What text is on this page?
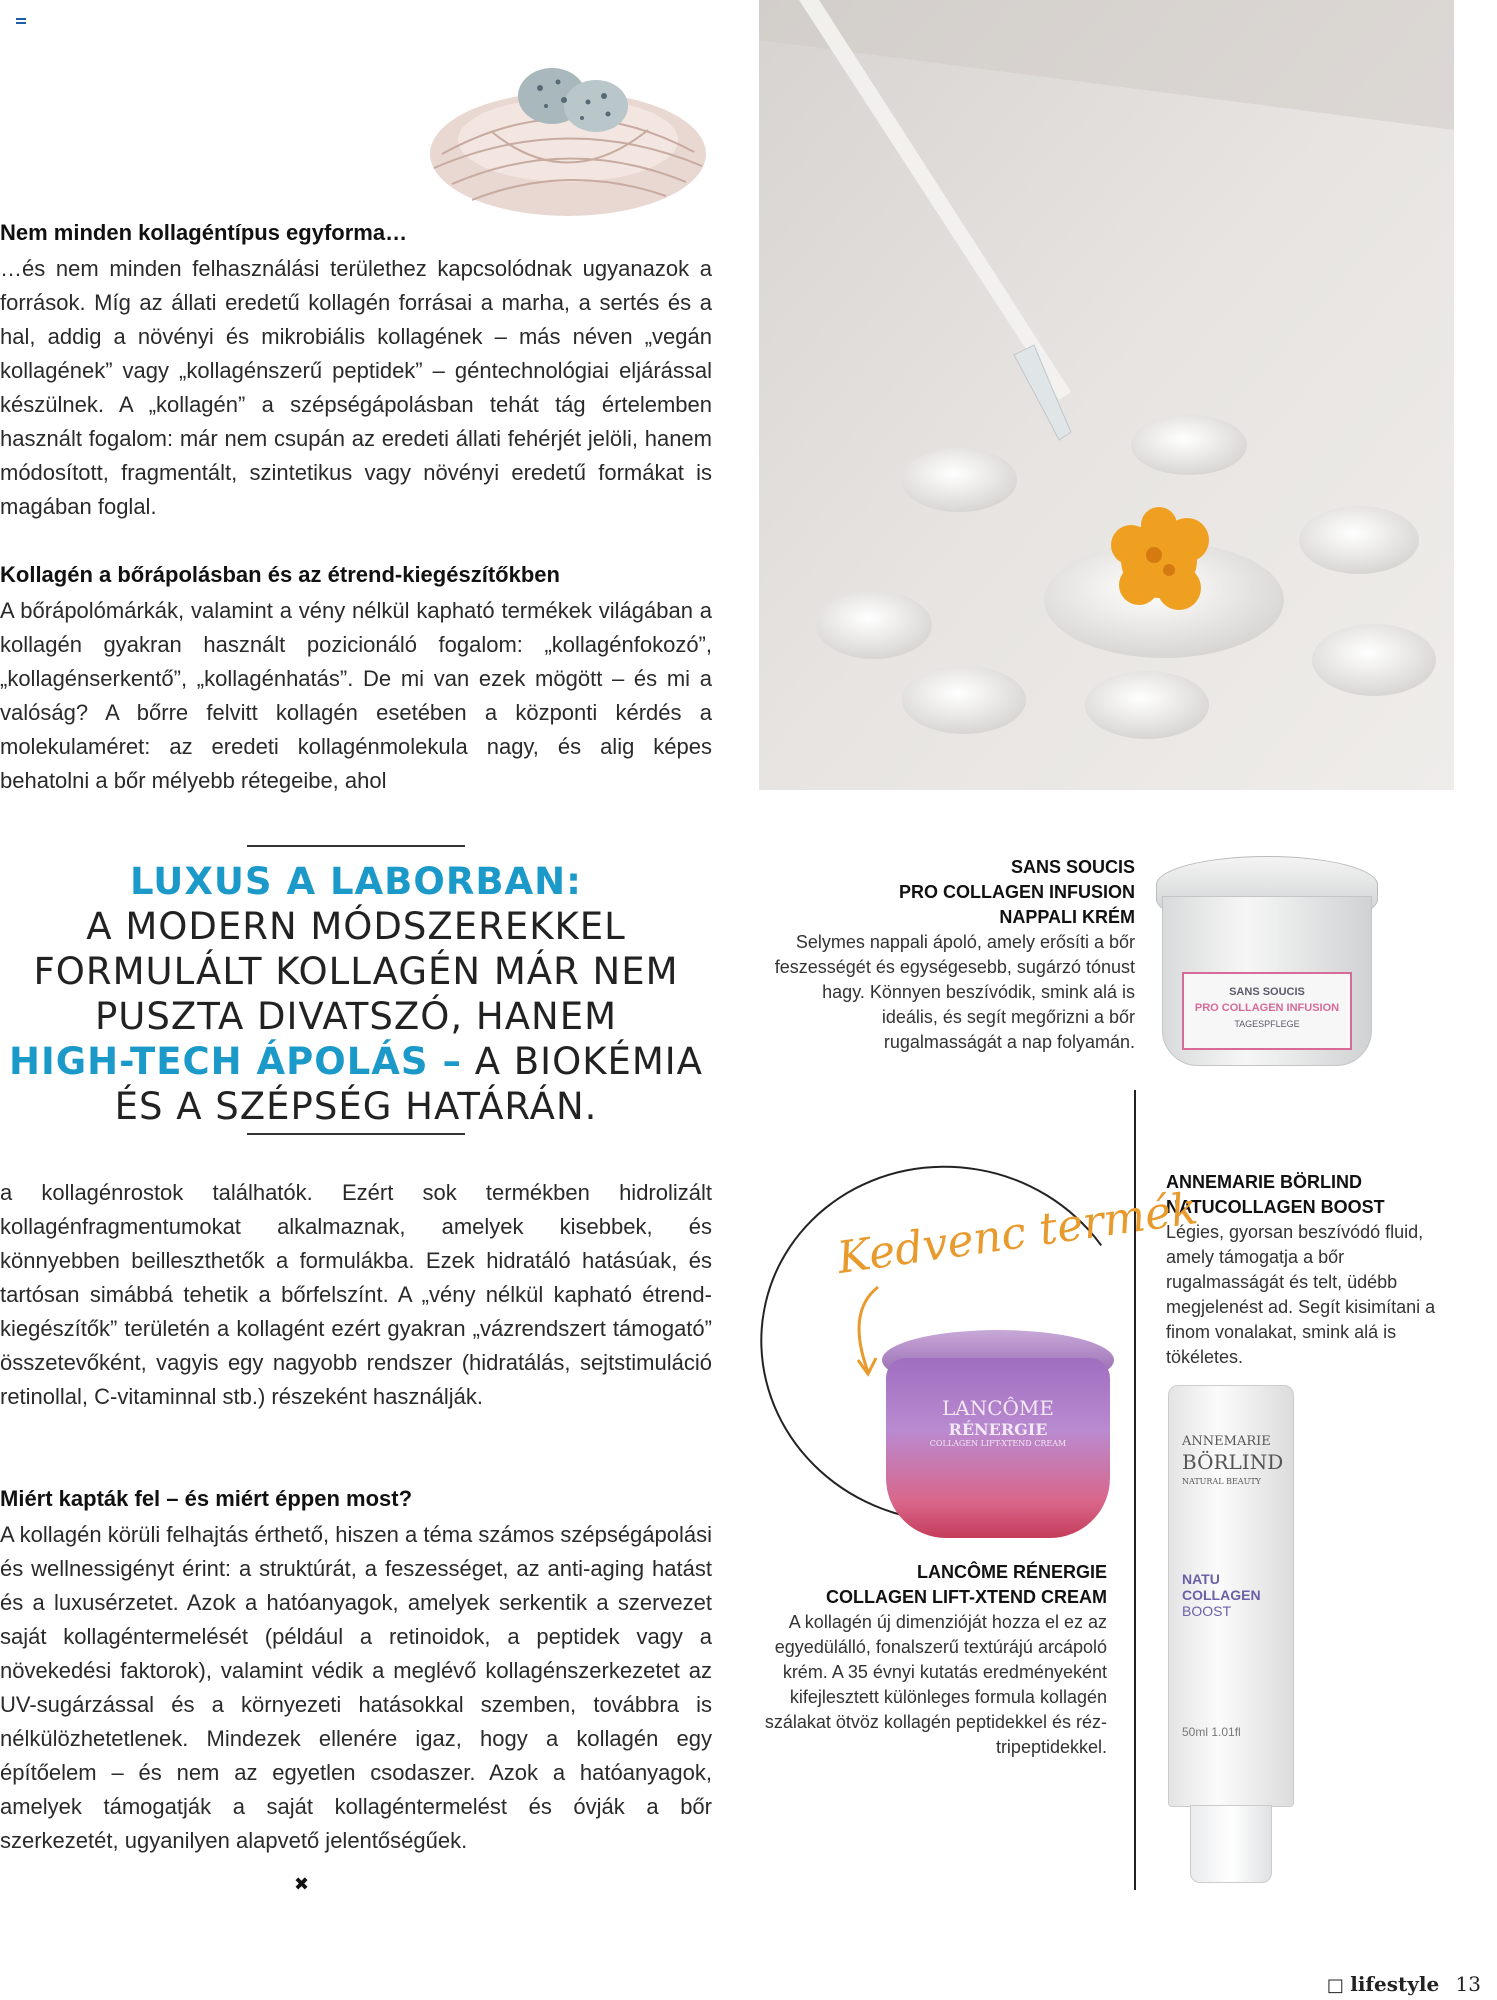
Nem minden kollagéntípus egyforma…

…és nem minden felhasználási területhez kapcsolódnak ugyanazok a források. Míg az állati eredetű kollagén forrásai a marha, a sertés és a hal, addig a növényi és mikrobiális kollagének – más néven „vegán kollagének” vagy „kollagénszerű peptidek” – géntechnológiai eljárással készülnek. A „kollagén” a szépségápolásban tehát tág értelemben használt fogalom: már nem csupán az eredeti állati fehérjét jelöli, hanem módosított, fragmentált, szintetikus vagy növényi eredetű formákat is magában foglal.

Kollagén a bőrápolásban és az étrend-kiegészítőkben

A bőrápolómárkák, valamint a vény nélkül kapható termékek világában a kollagén gyakran használt pozicionáló fogalom: „kollagénfokozó”, „kollagénserkentő”, „kollagénhatás”. De mi van ezek mögött – és mi a valóság? A bőrre felvitt kollagén esetében a központi kérdés a molekulaméret: az eredeti kollagénmolekula nagy, és alig képes behatolni a bőr mélyebb rétegeibe, ahol

LUXUS A LABORBAN:
A MODERN MÓDSZEREKKEL
FORMULÁLT KOLLAGÉN MÁR NEM
PUSZTA DIVATSZÓ, HANEM
HIGH-TECH ÁPOLÁS – A BIOKÉMIA
ÉS A SZÉPSÉG HATÁRÁN.

a kollagénrostok találhatók. Ezért sok termékben hidrolizált kollagénfragmentumokat alkalmaznak, amelyek kisebbek, és könnyebben beilleszthetők a formulákba. Ezek hidratáló hatásúak, és tartósan simábbá tehetik a bőrfelszínt. A „vény nélkül kapható étrend-kiegészítők” területén a kollagént ezért gyakran „vázrendszert támogató” összetevőként, vagyis egy nagyobb rendszer (hidratálás, sejtstimuláció retinollal, C-vitaminnal stb.) részeként használják.

Miért kapták fel – és miért éppen most?

A kollagén körüli felhajtás érthető, hiszen a téma számos szépségápolási és wellnessigényt érint: a struktúrát, a feszességet, az anti-aging hatást és a luxusérzetet. Azok a hatóanyagok, amelyek serkentik a szervezet saját kollagéntermelését (például a retinoidok, a peptidek vagy a növekedési faktorok), valamint védik a meglévő kollagénszerkezetet az UV-sugárzással és a környezeti hatásokkal szemben, továbbra is nélkülözhetetlenek. Mindezek ellenére igaz, hogy a kollagén egy építőelem – és nem az egyetlen csodaszer. Azok a hatóanyagok, amelyek támogatják a saját kollagéntermelést és óvják a bőr szerkezetét, ugyanilyen alapvető jelentőségűek.

✖
SANS SOUCIS
PRO COLLAGEN INFUSION
NAPPALI KRÉM
Selymes nappali ápoló, amely erősíti a bőr feszességét és egységesebb, sugárzó tónust hagy. Könnyen beszívódik, smink alá is ideális, és segít megőrizni a bőr rugalmasságát a nap folyamán.
SANS SOUCIS
PRO COLLAGEN INFUSION
TAGESPFLEGE
ANNEMARIE BÖRLIND
NATUCOLLAGEN BOOST
Légies, gyorsan beszívódó fluid, amely támogatja a bőr rugalmasságát és telt, üdébb megjelenést ad. Segít kisimítani a finom vonalakat, smink alá is tökéletes.
ANNEMARIE
BÖRLIND
NATURAL BEAUTY
NATU
COLLAGEN
BOOST
50ml 1.01fl
Kedvenc termék
LANCÔME
RÉNERGIE
COLLAGEN LIFT-XTEND CREAM
LANCÔME RÉNERGIE
COLLAGEN LIFT-XTEND CREAM
A kollagén új dimenzióját hozza el ez az egyedülálló, fonalszerű textúrájú arcápoló krém. A 35 évnyi kutatás eredményeként kifejlesztett különleges formula kollagén szálakat ötvöz kollagén peptidekkel és réz-tripeptidekkel.
□ lifestyle 13
